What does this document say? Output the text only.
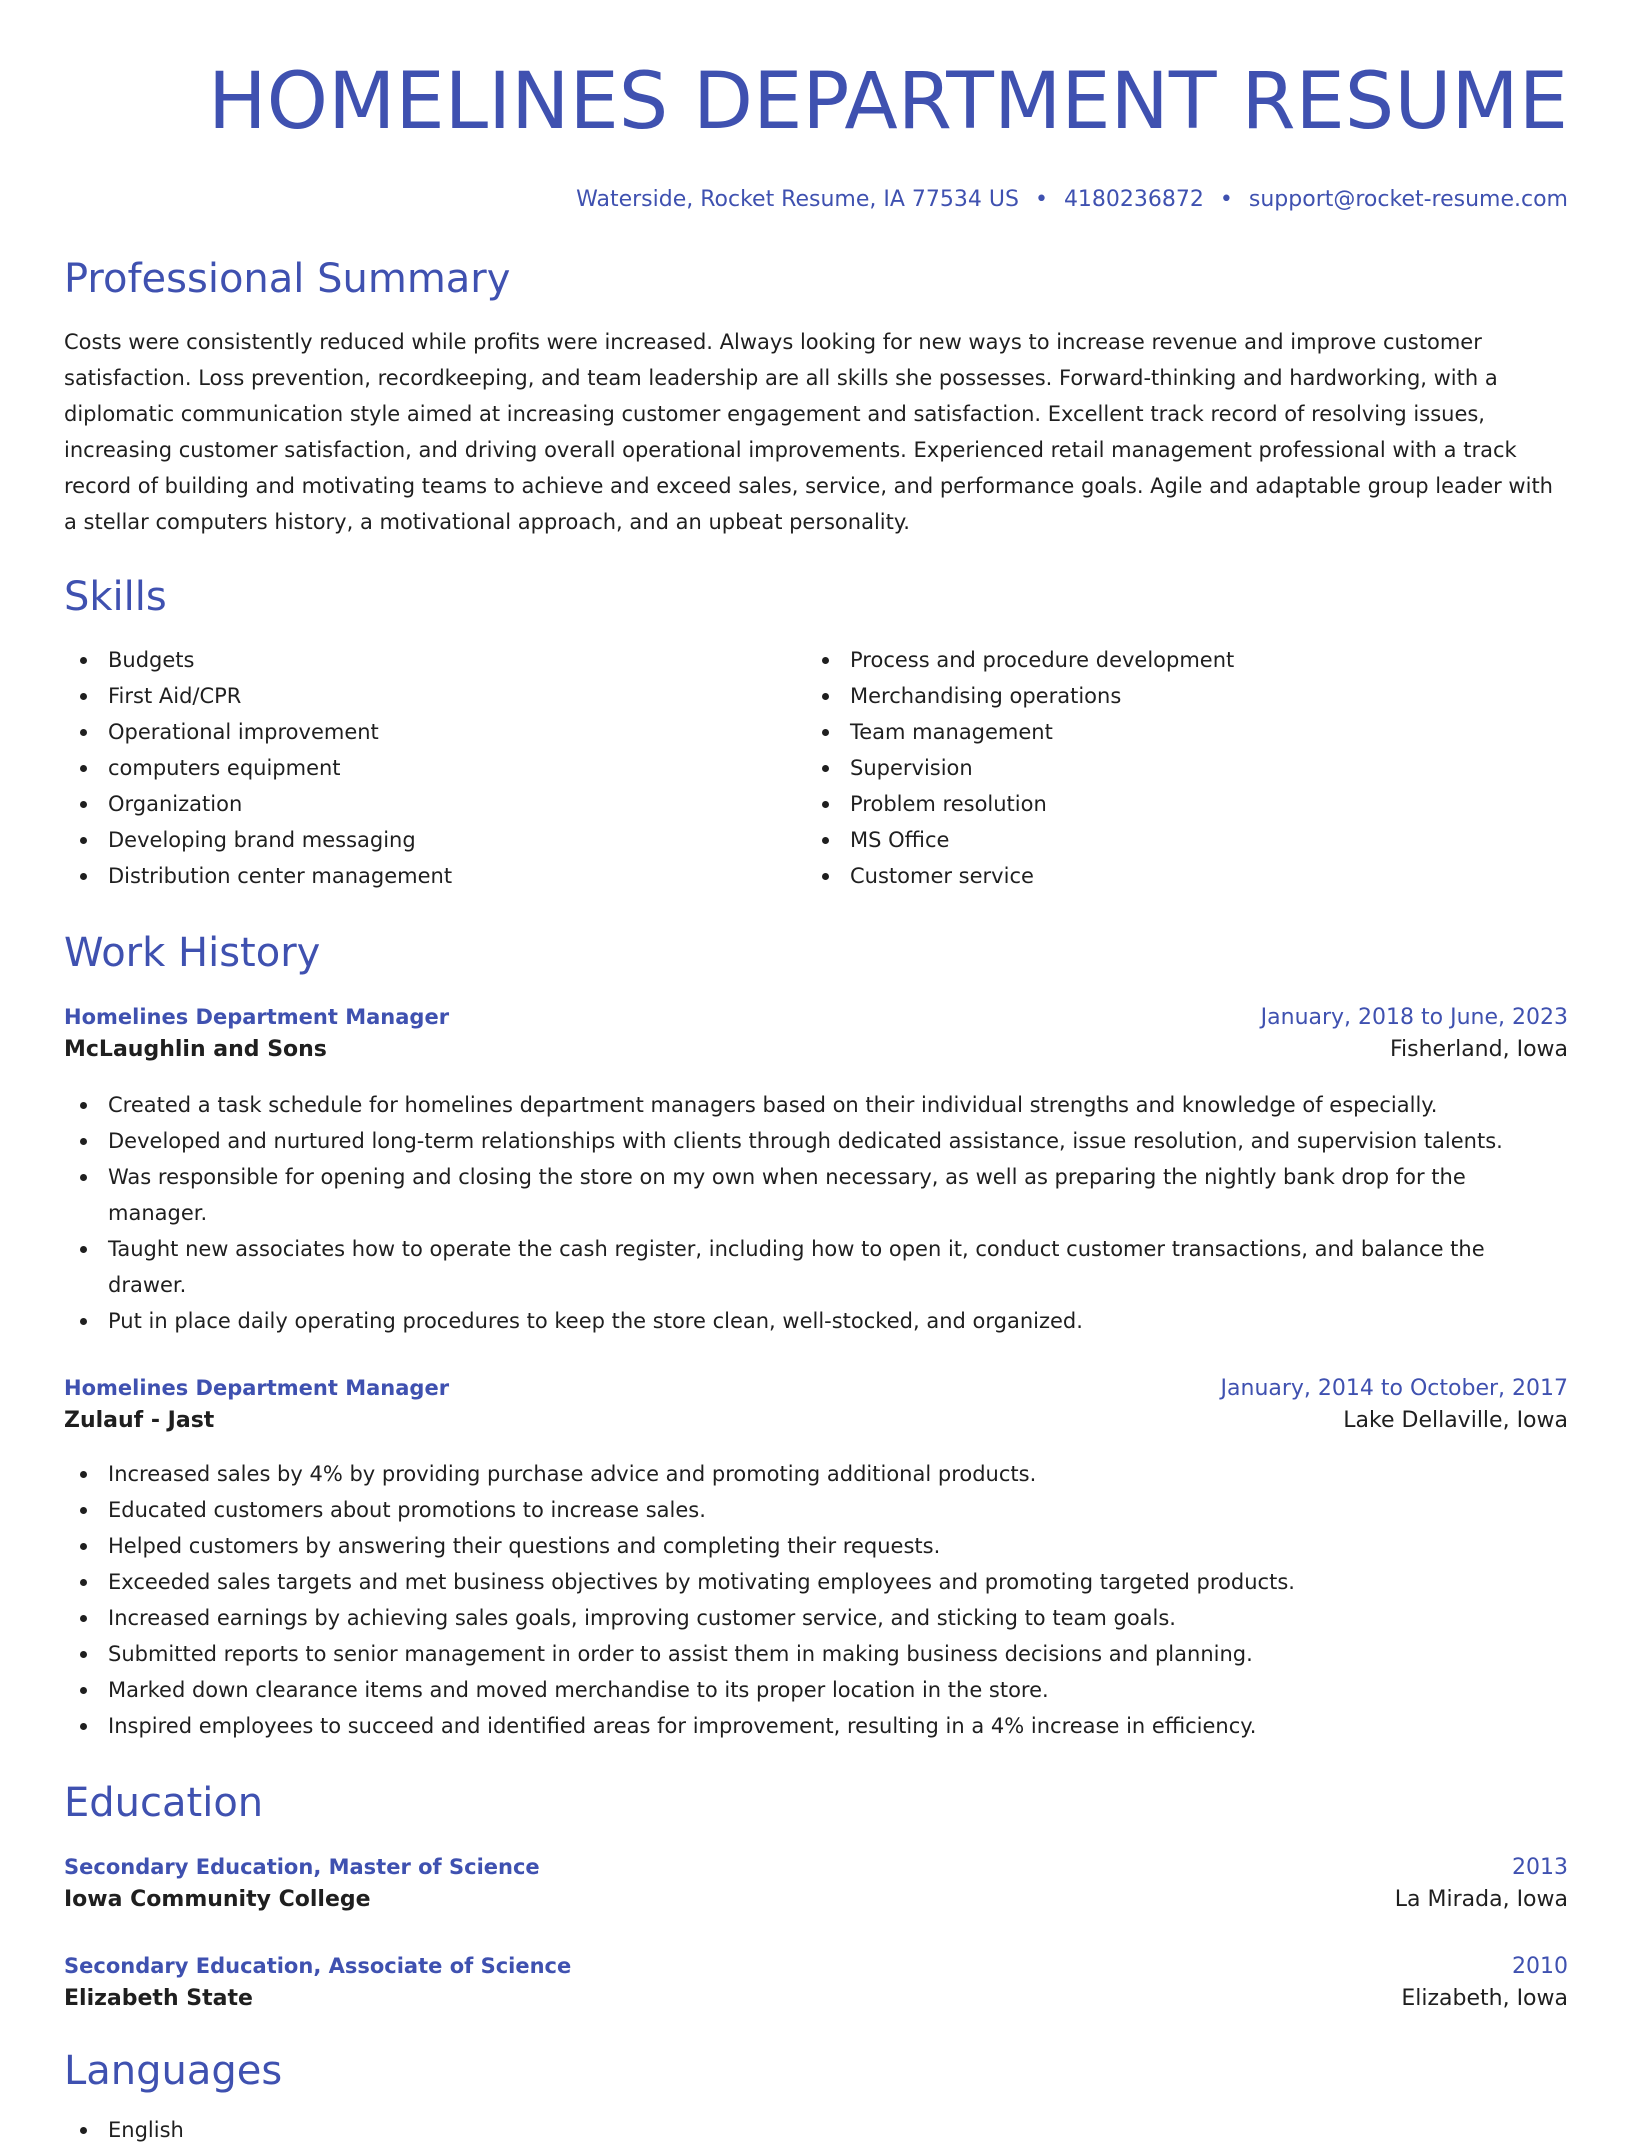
HOMELINES DEPARTMENT RESUME
Waterside, Rocket Resume, IA 77534 US • 4180236872 • support@rocket-resume.com
Professional Summary
Costs were consistently reduced while profits were increased. Always looking for new ways to increase revenue and improve customer satisfaction. Loss prevention, recordkeeping, and team leadership are all skills she possesses. Forward-thinking and hardworking, with a diplomatic communication style aimed at increasing customer engagement and satisfaction. Excellent track record of resolving issues, increasing customer satisfaction, and driving overall operational improvements. Experienced retail management professional with a track record of building and motivating teams to achieve and exceed sales, service, and performance goals. Agile and adaptable group leader with a stellar computers history, a motivational approach, and an upbeat personality.
Skills
Budgets
First Aid/CPR
Operational improvement
computers equipment
Organization
Developing brand messaging
Distribution center management
Process and procedure development
Merchandising operations
Team management
Supervision
Problem resolution
MS Office
Customer service
Work History
Homelines Department Manager	January, 2018 to June, 2023
McLaughlin and Sons	Fisherland, Iowa
Created a task schedule for homelines department managers based on their individual strengths and knowledge of especially.
Developed and nurtured long-term relationships with clients through dedicated assistance, issue resolution, and supervision talents.
Was responsible for opening and closing the store on my own when necessary, as well as preparing the nightly bank drop for the manager.
Taught new associates how to operate the cash register, including how to open it, conduct customer transactions, and balance the drawer.
Put in place daily operating procedures to keep the store clean, well-stocked, and organized.
Homelines Department Manager	January, 2014 to October, 2017
Zulauf - Jast	Lake Dellaville, Iowa
Increased sales by 4% by providing purchase advice and promoting additional products.
Educated customers about promotions to increase sales.
Helped customers by answering their questions and completing their requests.
Exceeded sales targets and met business objectives by motivating employees and promoting targeted products.
Increased earnings by achieving sales goals, improving customer service, and sticking to team goals.
Submitted reports to senior management in order to assist them in making business decisions and planning.
Marked down clearance items and moved merchandise to its proper location in the store.
Inspired employees to succeed and identified areas for improvement, resulting in a 4% increase in efficiency.
Education
Secondary Education, Master of Science	2013
Iowa Community College	La Mirada, Iowa
Secondary Education, Associate of Science	2010
Elizabeth State	Elizabeth, Iowa
Languages
English
